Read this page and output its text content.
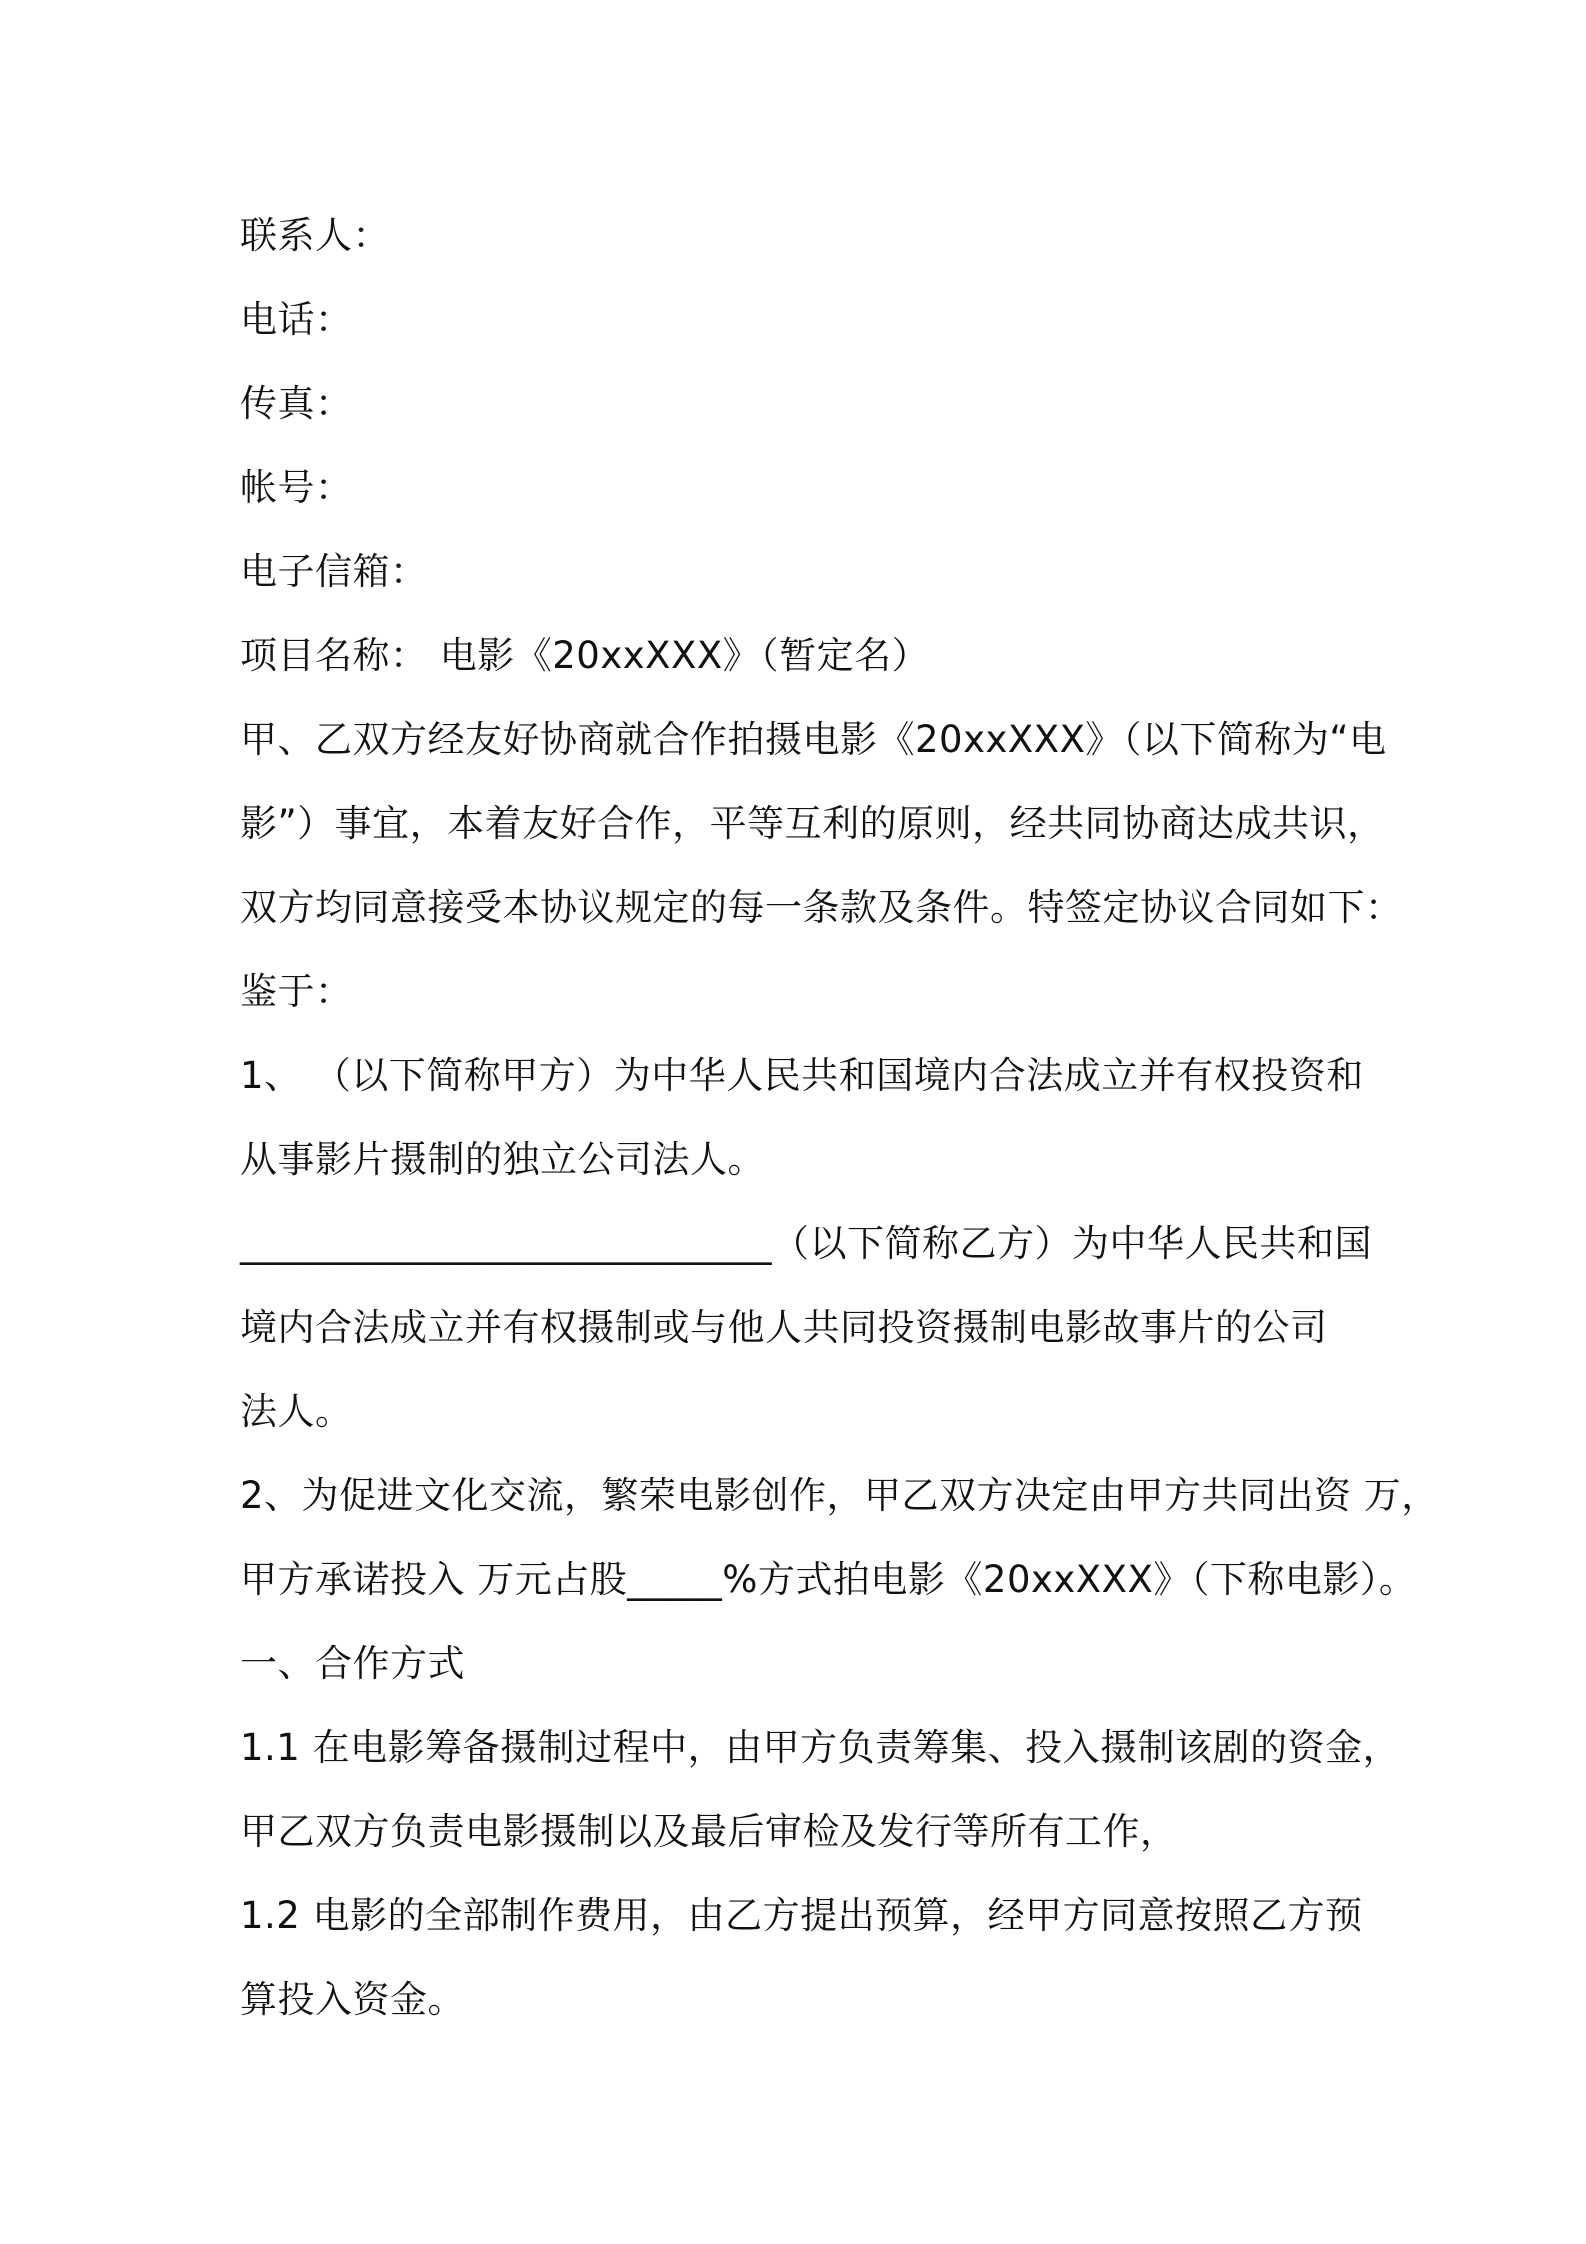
联系人：
电话：
传真：
帐号：
电子信箱：
项目名称： 电影《20xxXXX》（暂定名）
甲、乙双方经友好协商就合作拍摄电影《20xxXXX》（以下简称为“电
影”）事宜，本着友好合作，平等互利的原则，经共同协商达成共识，
双方均同意接受本协议规定的每一条款及条件。特签定协议合同如下：
鉴于：
1、 （以下简称甲方）为中华人民共和国境内合法成立并有权投资和
从事影片摄制的独立公司法人。
____________________________（以下简称乙方）为中华人民共和国
境内合法成立并有权摄制或与他人共同投资摄制电影故事片的公司
法人。
2、为促进文化交流，繁荣电影创作，甲乙双方决定由甲方共同出资 万，
甲方承诺投入 万元占股_____%方式拍电影《20xxXXX》（下称电影）。
一、合作方式
1.1 在电影筹备摄制过程中，由甲方负责筹集、投入摄制该剧的资金，
甲乙双方负责电影摄制以及最后审检及发行等所有工作，
1.2 电影的全部制作费用，由乙方提出预算，经甲方同意按照乙方预
算投入资金。
